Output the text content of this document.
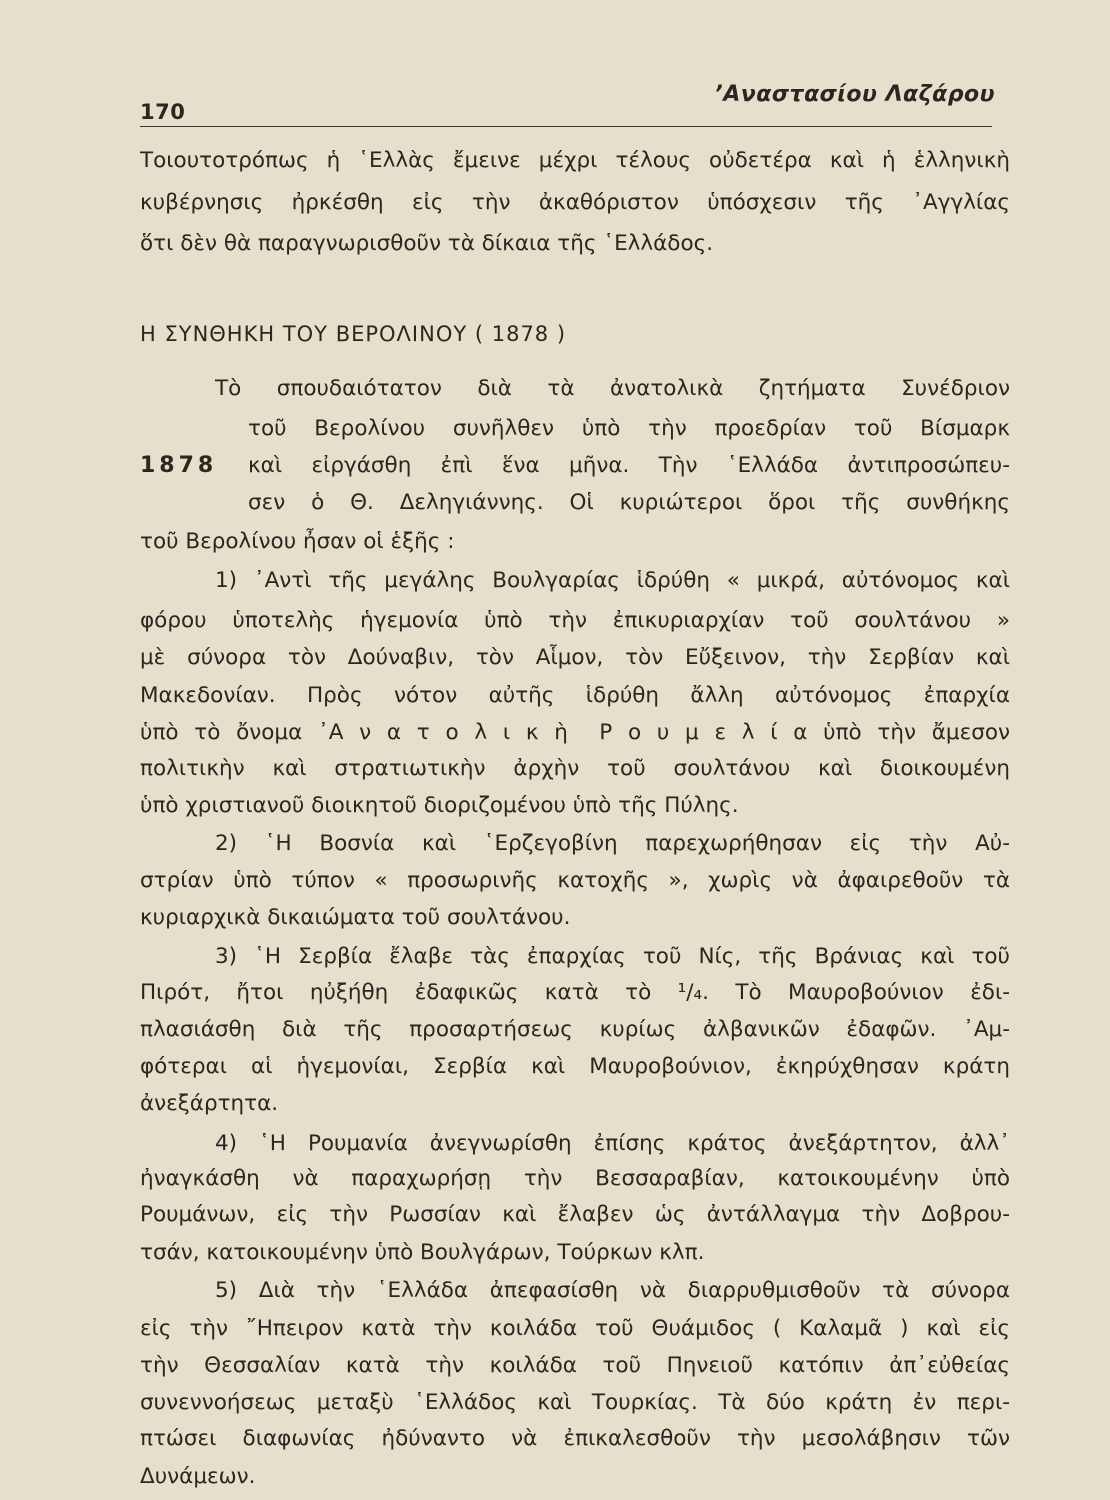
170
’Αναστασίου Λαζάρου
Τοιουτοτρόπως ἡ ῾Ελλὰς ἔμεινε μέχρι τέλους οὐδετέρα καὶ ἡ ἑλληνικὴ
κυβέρνησις ἠρκέσθη εἰς τὴν ἀκαθόριστον ὑπόσχεσιν τῆς ᾿Αγγλίας
ὅτι δὲν θὰ παραγνωρισθοῦν τὰ δίκαια τῆς ῾Ελλάδος.
Η ΣΥΝΘΗΚΗ ΤΟΥ ΒΕΡΟΛΙΝΟΥ ( 1878 )
Τὸ σπουδαιότατον διὰ τὰ ἀνατολικὰ ζητήματα Συνέδριον
τοῦ Βερολίνου συνῆλθεν ὑπὸ τὴν προεδρίαν τοῦ Βίσμαρκ
1878 καὶ εἰργάσθη ἐπὶ ἕνα μῆνα. Τὴν ῾Ελλάδα ἀντιπροσώπευ-
σεν ὁ Θ. Δεληγιάννης. Οἱ κυριώτεροι ὅροι τῆς συνθήκης
τοῦ Βερολίνου ἦσαν οἱ ἑξῆς :
1) ᾿Αντὶ τῆς μεγάλης Βουλγαρίας ἱδρύθη « μικρά, αὐτόνομος καὶ
φόρου ὑποτελὴς ἡγεμονία ὑπὸ τὴν ἐπικυριαρχίαν τοῦ σουλτάνου »
μὲ σύνορα τὸν Δούναβιν, τὸν Αἷμον, τὸν Εὔξεινον, τὴν Σερβίαν καὶ
Μακεδονίαν. Πρὸς νότον αὐτῆς ἱδρύθη ἄλλη αὐτόνομος ἐπαρχία
ὑπὸ τὸ ὄνομα ᾿Α ν α τ ο λ ι κ ὴ  Ρ ο υ μ ε λ ί α ὑπὸ τὴν ἄμεσον
πολιτικὴν καὶ στρατιωτικὴν ἀρχὴν τοῦ σουλτάνου καὶ διοικουμένη
ὑπὸ χριστιανοῦ διοικητοῦ διοριζομένου ὑπὸ τῆς Πύλης.
2) ῾Η Βοσνία καὶ ῾Ερζεγοβίνη παρεχωρήθησαν εἰς τὴν Αὐ-
στρίαν ὑπὸ τύπον « προσωρινῆς κατοχῆς », χωρὶς νὰ ἀφαιρεθοῦν τὰ
κυριαρχικὰ δικαιώματα τοῦ σουλτάνου.
3) ῾Η Σερβία ἔλαβε τὰς ἐπαρχίας τοῦ Νίς, τῆς Βράνιας καὶ τοῦ
Πιρότ, ἤτοι ηὐξήθη ἐδαφικῶς κατὰ τὸ ¹/₄. Τὸ Μαυροβούνιον ἐδι-
πλασιάσθη διὰ τῆς προσαρτήσεως κυρίως ἀλβανικῶν ἐδαφῶν. ᾿Αμ-
φότεραι αἱ ἡγεμονίαι, Σερβία καὶ Μαυροβούνιον, ἐκηρύχθησαν κράτη
ἀνεξάρτητα.
4) ῾Η Ρουμανία ἀνεγνωρίσθη ἐπίσης κράτος ἀνεξάρτητον, ἀλλ᾽
ἠναγκάσθη νὰ παραχωρήσῃ τὴν Βεσσαραβίαν, κατοικουμένην ὑπὸ
Ρουμάνων, εἰς τὴν Ρωσσίαν καὶ ἔλαβεν ὡς ἀντάλλαγμα τὴν Δοβρου-
τσάν, κατοικουμένην ὑπὸ Βουλγάρων, Τούρκων κλπ.
5) Διὰ τὴν ῾Ελλάδα ἀπεφασίσθη νὰ διαρρυθμισθοῦν τὰ σύνορα
εἰς τὴν ῎Ηπειρον κατὰ τὴν κοιλάδα τοῦ Θυάμιδος ( Καλαμᾶ ) καὶ εἰς
τὴν Θεσσαλίαν κατὰ τὴν κοιλάδα τοῦ Πηνειοῦ κατόπιν ἀπ᾽εὐθείας
συνεννοήσεως μεταξὺ ῾Ελλάδος καὶ Τουρκίας. Τὰ δύο κράτη ἐν περι-
πτώσει διαφωνίας ἠδύναντο νὰ ἐπικαλεσθοῦν τὴν μεσολάβησιν τῶν
Δυνάμεων.
